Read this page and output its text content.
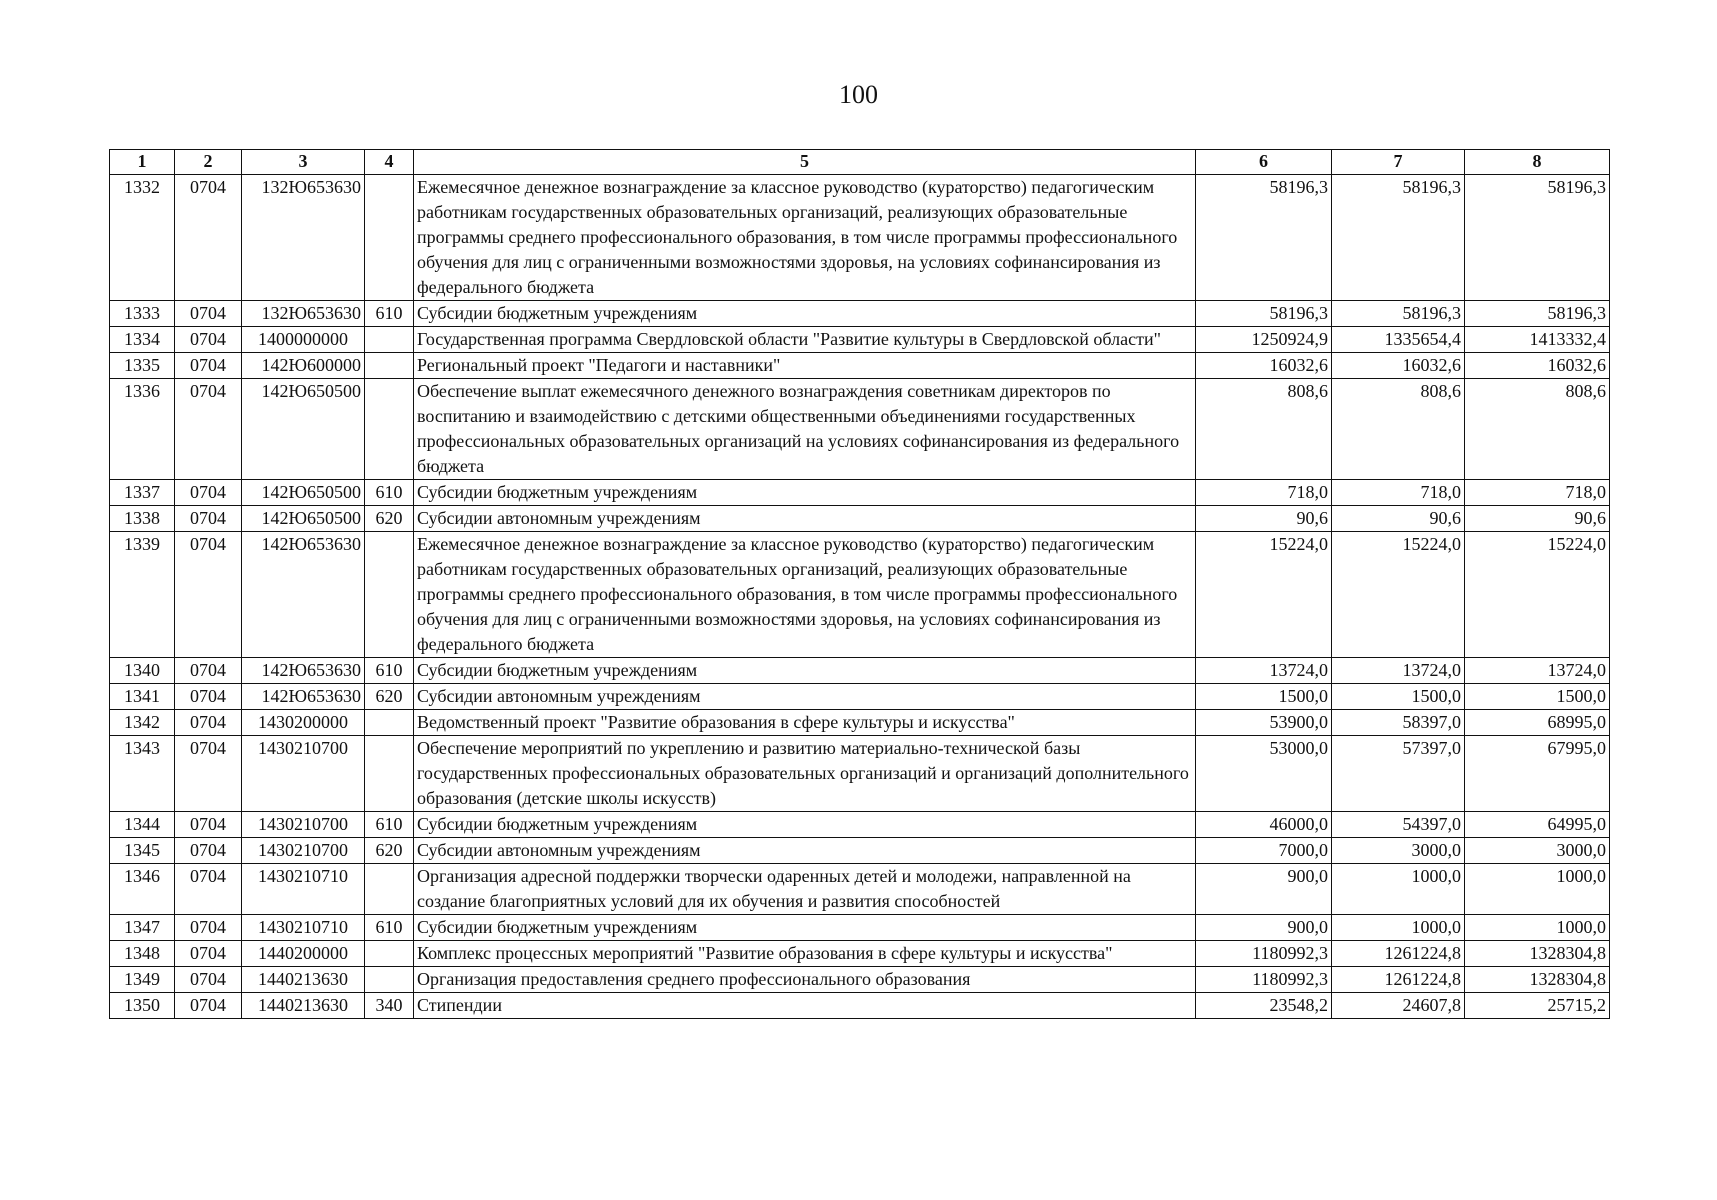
100
1	2	3	4	5	6	7	8
1332	0704	132Ю653630		Ежемесячное денежное вознаграждение за классное руководство (кураторство) педагогическим работникам государственных образовательных организаций, реализующих образовательные программы среднего профессионального образования, в том числе программы профессионального обучения для лиц с ограниченными возможностями здоровья, на условиях софинансирования из федерального бюджета	58196,3	58196,3	58196,3
1333	0704	132Ю653630	610	Субсидии бюджетным учреждениям	58196,3	58196,3	58196,3
1334	0704	1400000000		Государственная программа Свердловской области "Развитие культуры в Свердловской области"	1250924,9	1335654,4	1413332,4
1335	0704	142Ю600000		Региональный проект "Педагоги и наставники"	16032,6	16032,6	16032,6
1336	0704	142Ю650500		Обеспечение выплат ежемесячного денежного вознаграждения советникам директоров по воспитанию и взаимодействию с детскими общественными объединениями государственных профессиональных образовательных организаций на условиях софинансирования из федерального бюджета	808,6	808,6	808,6
1337	0704	142Ю650500	610	Субсидии бюджетным учреждениям	718,0	718,0	718,0
1338	0704	142Ю650500	620	Субсидии автономным учреждениям	90,6	90,6	90,6
1339	0704	142Ю653630		Ежемесячное денежное вознаграждение за классное руководство (кураторство) педагогическим работникам государственных образовательных организаций, реализующих образовательные программы среднего профессионального образования, в том числе программы профессионального обучения для лиц с ограниченными возможностями здоровья, на условиях софинансирования из федерального бюджета	15224,0	15224,0	15224,0
1340	0704	142Ю653630	610	Субсидии бюджетным учреждениям	13724,0	13724,0	13724,0
1341	0704	142Ю653630	620	Субсидии автономным учреждениям	1500,0	1500,0	1500,0
1342	0704	1430200000		Ведомственный проект "Развитие образования в сфере культуры и искусства"	53900,0	58397,0	68995,0
1343	0704	1430210700		Обеспечение мероприятий по укреплению и развитию материально-технической базы государственных профессиональных образовательных организаций и организаций дополнительного образования (детские школы искусств)	53000,0	57397,0	67995,0
1344	0704	1430210700	610	Субсидии бюджетным учреждениям	46000,0	54397,0	64995,0
1345	0704	1430210700	620	Субсидии автономным учреждениям	7000,0	3000,0	3000,0
1346	0704	1430210710		Организация адресной поддержки творчески одаренных детей и молодежи, направленной на создание благоприятных условий для их обучения и развития способностей	900,0	1000,0	1000,0
1347	0704	1430210710	610	Субсидии бюджетным учреждениям	900,0	1000,0	1000,0
1348	0704	1440200000		Комплекс процессных мероприятий "Развитие образования в сфере культуры и искусства"	1180992,3	1261224,8	1328304,8
1349	0704	1440213630		Организация предоставления среднего профессионального образования	1180992,3	1261224,8	1328304,8
1350	0704	1440213630	340	Стипендии	23548,2	24607,8	25715,2
